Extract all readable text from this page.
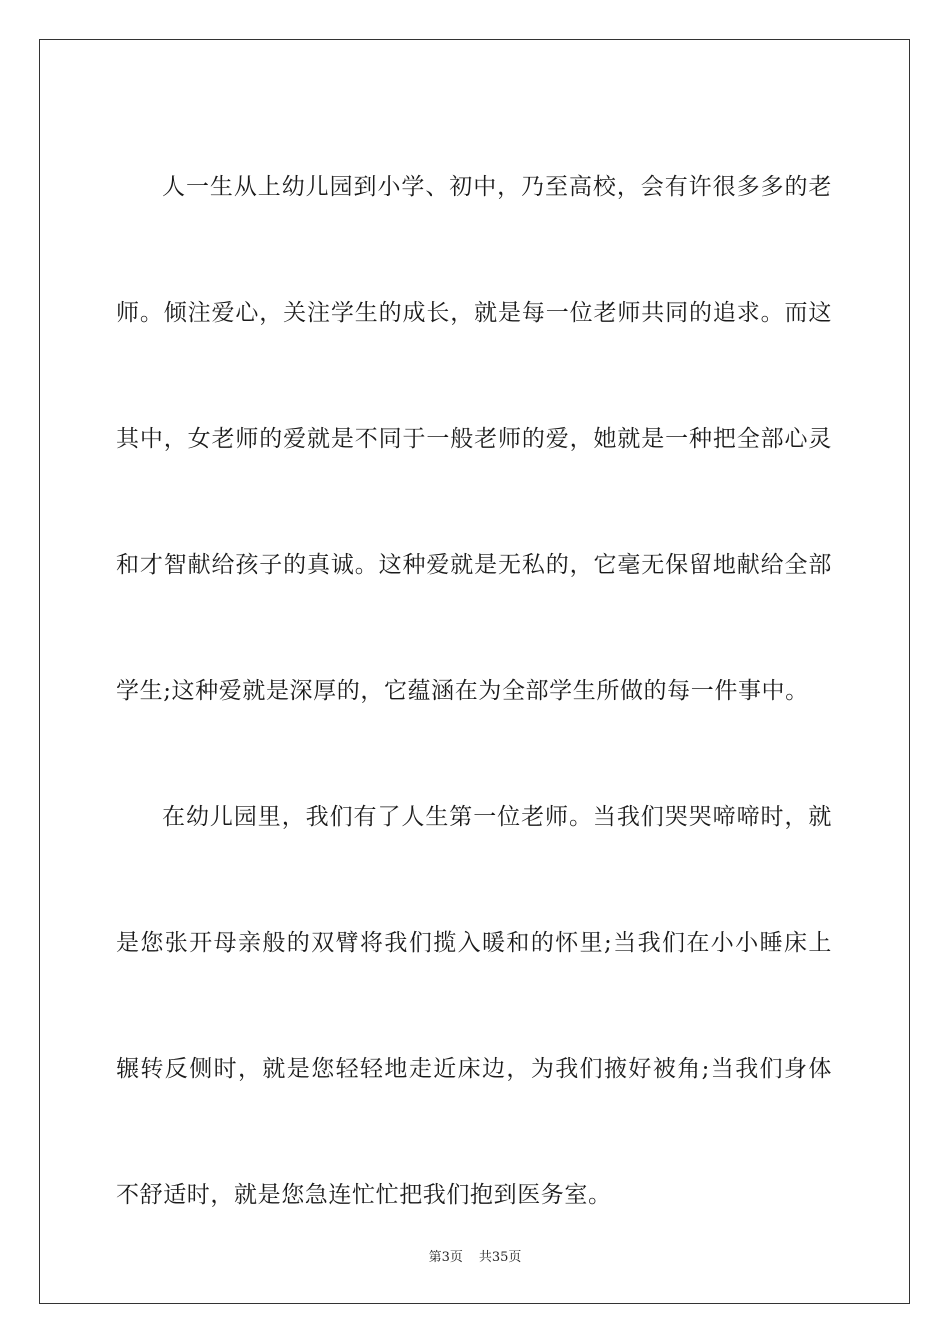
人一生从上幼儿园到小学、初中，乃至高校，会有许很多多的老师。倾注爱心，关注学生的成长，就是每一位老师共同的追求。而这其中，女老师的爱就是不同于一般老师的爱，她就是一种把全部心灵和才智献给孩子的真诚。这种爱就是无私的，它毫无保留地献给全部学生;这种爱就是深厚的，它蕴涵在为全部学生所做的每一件事中。

在幼儿园里，我们有了人生第一位老师。当我们哭哭啼啼时，就是您张开母亲般的双臂将我们揽入暖和的怀里;当我们在小小睡床上辗转反侧时，就是您轻轻地走近床边，为我们掖好被角;当我们身体不舒适时，就是您急连忙忙把我们抱到医务室。

第3页 共35页
